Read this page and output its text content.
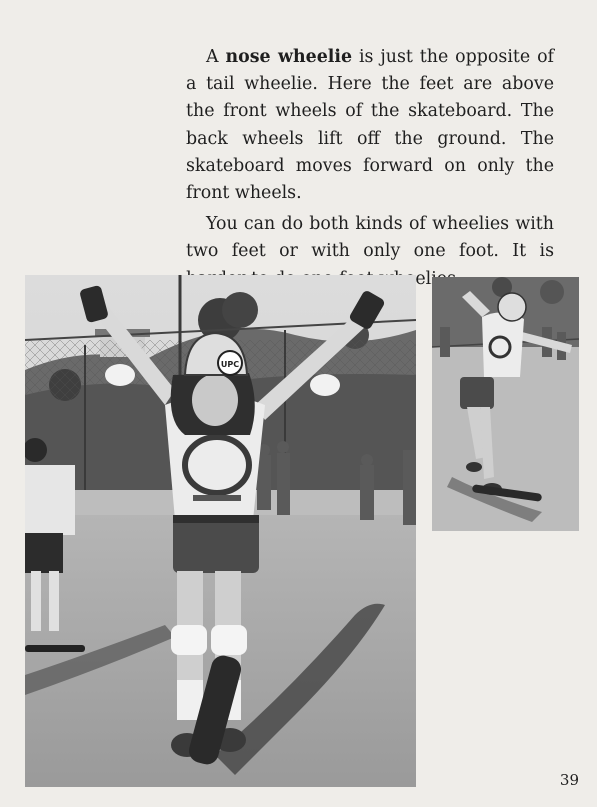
A nose wheelie is just the opposite of a tail wheelie. Here the feet are above the front wheels of the skateboard. The back wheels lift off the ground. The skateboard moves forward on only the front wheels.

You can do both kinds of wheelies with two feet or with only one foot. It is wheelies.

UPC
39
